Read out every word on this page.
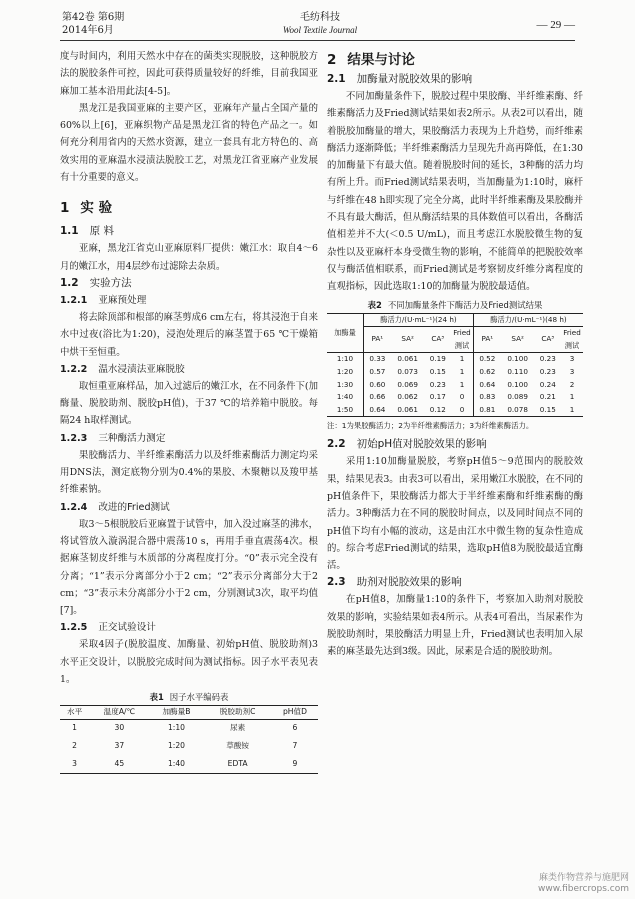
第42卷 第6期
2014年6月
毛纺科技
Wool Textile Journal	— 29 —

度与时间内，利用天然水中存在的菌类实现脱胶，这种脱胶方法的脱胶条件可控，因此可获得质量较好的纤维，目前我国亚麻加工基本沿用此法[4-5]。

黑龙江是我国亚麻的主要产区，亚麻年产量占全国产量的60%以上[6]，亚麻织物产品是黑龙江省的特色产品之一。如何充分利用省内的天然水资源，建立一套具有北方特色的、高效实用的亚麻温水浸渍法脱胶工艺，对黑龙江省亚麻产业发展有十分重要的意义。

1 实 验
1.1 原 料

亚麻，黑龙江省克山亚麻原料厂提供：嫩江水：取自4～6月的嫩江水，用4层纱布过滤除去杂质。

1.2 实验方法
1.2.1 亚麻预处理

将去除顶部和根部的麻茎剪成6 cm左右，将其浸泡于自来水中过夜(浴比为1:20)，浸泡处理后的麻茎置于65 ℃干燥箱中烘干至恒重。

1.2.2 温水浸渍法亚麻脱胶

取恒重亚麻样品，加入过滤后的嫩江水，在不同条件下(加酶量、脱胶助剂、脱胶pH值)，于37 ℃的培养箱中脱胶。每隔24 h取样测试。

1.2.3 三种酶活力测定

果胶酶活力、半纤维素酶活力以及纤维素酶活力测定均采用DNS法，测定底物分别为0.4%的果胶、木聚糖以及羧甲基纤维素钠。

1.2.4 改进的Fried测试

取3～5根脱胶后亚麻置于试管中，加入没过麻茎的沸水，将试管放入漩涡混合器中震荡10 s，再用手垂直震荡4次。根据麻茎韧皮纤维与木质部的分离程度打分。“0”表示完全没有分离；“1”表示分离部分小于2 cm；“2”表示分离部分大于2 cm；“3”表示未分离部分小于2 cm，分别测试3次，取平均值[7]。

1.2.5 正交试验设计

采取4因子(脱胶温度、加酶量、初始pH值、脱胶助剂)3水平正交设计，以脱胶完成时间为测试指标。因子水平表见表1。

表1 因子水平编码表
水平	温度A/℃	加酶量B	脱胶助剂C	pH值D
1	30	1:10	尿素	6
2	37	1:20	草酸铵	7
3	45	1:40	EDTA	9
2 结果与讨论
2.1 加酶量对脱胶效果的影响

不同加酶量条件下，脱胶过程中果胶酶、半纤维素酶、纤维素酶活力及Fried测试结果如表2所示。从表2可以看出，随着脱胶加酶量的增大，果胶酶活力表现为上升趋势，而纤维素酶活力逐渐降低；半纤维素酶活力呈现先升高再降低，在1:30的加酶量下有最大值。随着脱胶时间的延长，3种酶的活力均有所上升。而Fried测试结果表明，当加酶量为1:10时，麻杆与纤维在48 h即实现了完全分离，此时半纤维素酶及果胶酶并不具有最大酶活，但从酶活结果的具体数值可以看出，各酶活值相差并不大(＜0.5 U/mL)，而且考虑江水脱胶微生物的复杂性以及亚麻杆本身受微生物的影响，不能简单的把脱胶效率仅与酶活值相联系，而Fried测试是考察韧皮纤维分离程度的直观指标，因此选取1:10的加酶量为脱胶最适值。

表2 不同加酶量条件下酶活力及Fried测试结果
加酶量	酶活力/(U·mL⁻¹)(24 h)				酶活力/(U·mL⁻¹)(48 h)			
	PA¹	SA²	CA³	Fried测试	PA¹	SA²	CA³	Fried测试
1:10	0.33	0.061	0.19	1	0.52	0.100	0.23	3
1:20	0.57	0.073	0.15	1	0.62	0.110	0.23	3
1:30	0.60	0.069	0.23	1	0.64	0.100	0.24	2
1:40	0.66	0.062	0.17	0	0.83	0.089	0.21	1
1:50	0.64	0.061	0.12	0	0.81	0.078	0.15	1
注：1为果胶酶活力；2为半纤维素酶活力；3为纤维素酶活力。
2.2 初始pH值对脱胶效果的影响

采用1:10加酶量脱胶，考察pH值5～9范围内的脱胶效果，结果见表3。由表3可以看出，采用嫩江水脱胶，在不同的pH值条件下，果胶酶活力都大于半纤维素酶和纤维素酶的酶活力。3种酶活力在不同的脱胶时间点，以及同时间点不同的pH值下均有小幅的波动，这是由江水中微生物的复杂性造成的。综合考虑Fried测试的结果，选取pH值8为脱胶最适宜酶活。

2.3 助剂对脱胶效果的影响

在pH值8，加酶量1:10的条件下，考察加入助剂对脱胶效果的影响，实验结果如表4所示。从表4可看出，当尿素作为脱胶助剂时，果胶酶活力明显上升，Fried测试也表明加入尿素的麻茎最先达到3级。因此，尿素是合适的脱胶助剂。

麻类作物营养与施肥网
www.fibercrops.com
